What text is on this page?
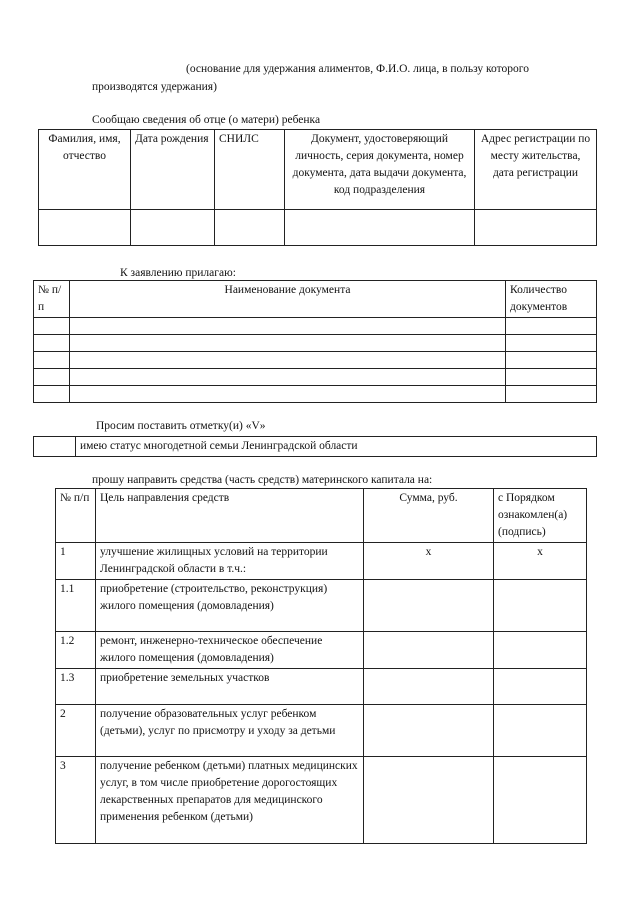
(основание для удержания алиментов, Ф.И.О. лица, в пользу которого
производятся удержания)
Сообщаю сведения об отце (о матери) ребенка
Фамилия, имя, отчество	Дата рождения	СНИЛС	Документ, удостоверяющий личность, серия документа, номер документа, дата выдачи документа, код подразделения	Адрес регистрации по месту жительства, дата регистрации

К заявлению прилагаю:
№ п/п	Наименование документа	Количество документов

Просим поставить отметку(и) «V»
	имею статус многодетной семьи Ленинградской области
прошу направить средства (часть средств) материнского капитала на:
№ п/п	Цель направления средств	Сумма, руб.	с Порядком ознакомлен(а) (подпись)
1	улучшение жилищных условий на территории Ленинградской области в т.ч.:	х	х
1.1	приобретение (строительство, реконструкция) жилого помещения (домовладения)		
1.2	ремонт, инженерно-техническое обеспечение жилого помещения (домовладения)		
1.3	приобретение земельных участков		
2	получение образовательных услуг ребенком (детьми), услуг по присмотру и уходу за детьми		
3	получение ребенком (детьми) платных медицинских услуг, в том числе приобретение дорогостоящих лекарственных препаратов для медицинского применения ребенком (детьми)		
